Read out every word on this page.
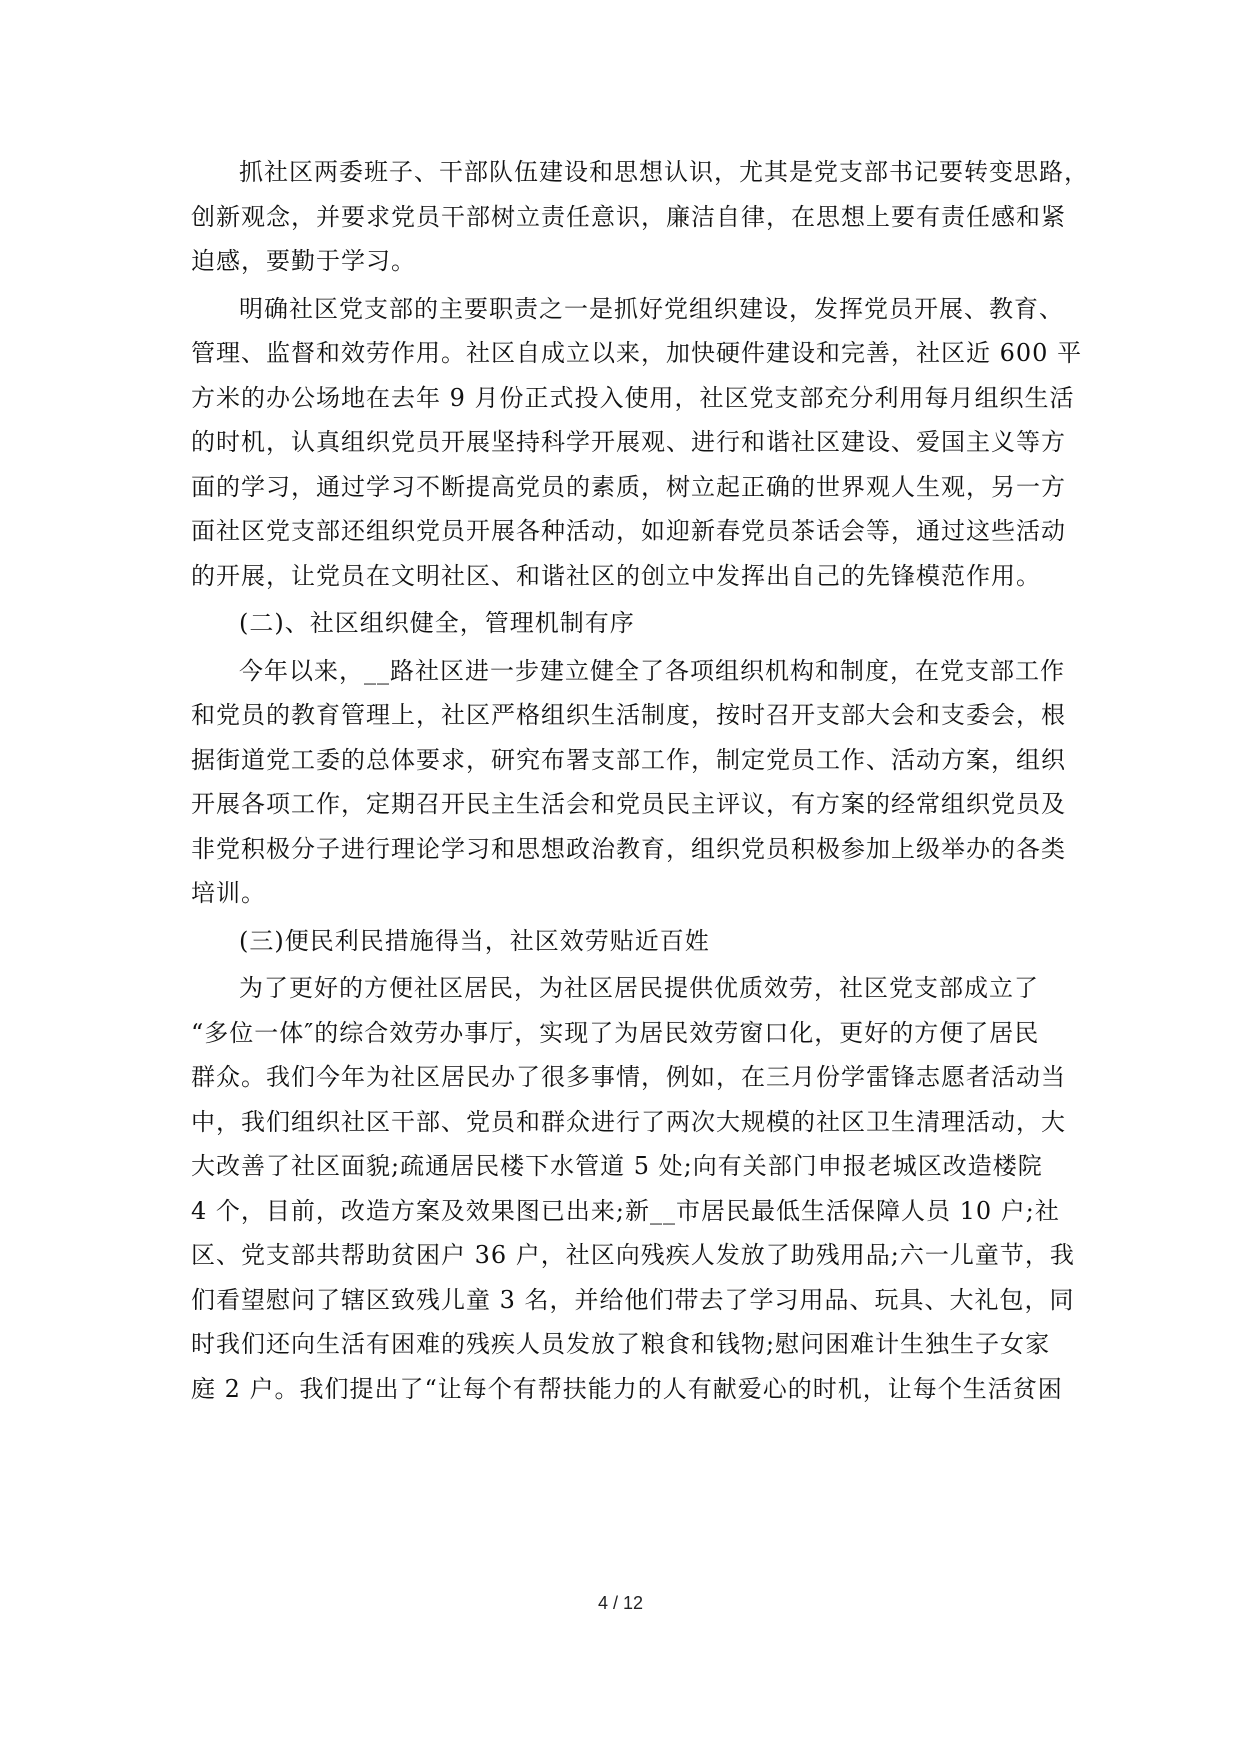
抓社区两委班子、干部队伍建设和思想认识，尤其是党支部书记要转变思路，
创新观念，并要求党员干部树立责任意识，廉洁自律，在思想上要有责任感和紧
迫感，要勤于学习。
明确社区党支部的主要职责之一是抓好党组织建设，发挥党员开展、教育、
管理、监督和效劳作用。社区自成立以来，加快硬件建设和完善，社区近 600 平
方米的办公场地在去年 9 月份正式投入使用，社区党支部充分利用每月组织生活
的时机，认真组织党员开展坚持科学开展观、进行和谐社区建设、爱国主义等方
面的学习，通过学习不断提高党员的素质，树立起正确的世界观人生观，另一方
面社区党支部还组织党员开展各种活动，如迎新春党员茶话会等，通过这些活动
的开展，让党员在文明社区、和谐社区的创立中发挥出自己的先锋模范作用。
(二)、社区组织健全，管理机制有序
今年以来，__路社区进一步建立健全了各项组织机构和制度，在党支部工作
和党员的教育管理上，社区严格组织生活制度，按时召开支部大会和支委会，根
据街道党工委的总体要求，研究布署支部工作，制定党员工作、活动方案，组织
开展各项工作，定期召开民主生活会和党员民主评议，有方案的经常组织党员及
非党积极分子进行理论学习和思想政治教育，组织党员积极参加上级举办的各类
培训。
(三)便民利民措施得当，社区效劳贴近百姓
为了更好的方便社区居民，为社区居民提供优质效劳，社区党支部成立了
“多位一体″的综合效劳办事厅，实现了为居民效劳窗口化，更好的方便了居民
群众。我们今年为社区居民办了很多事情，例如，在三月份学雷锋志愿者活动当
中，我们组织社区干部、党员和群众进行了两次大规模的社区卫生清理活动，大
大改善了社区面貌;疏通居民楼下水管道 5 处;向有关部门申报老城区改造楼院
4 个，目前，改造方案及效果图已出来;新__市居民最低生活保障人员 10 户;社
区、党支部共帮助贫困户 36 户，社区向残疾人发放了助残用品;六一儿童节，我
们看望慰问了辖区致残儿童 3 名，并给他们带去了学习用品、玩具、大礼包，同
时我们还向生活有困难的残疾人员发放了粮食和钱物;慰问困难计生独生子女家
庭 2 户。我们提出了“让每个有帮扶能力的人有献爱心的时机，让每个生活贫困
4 / 12
